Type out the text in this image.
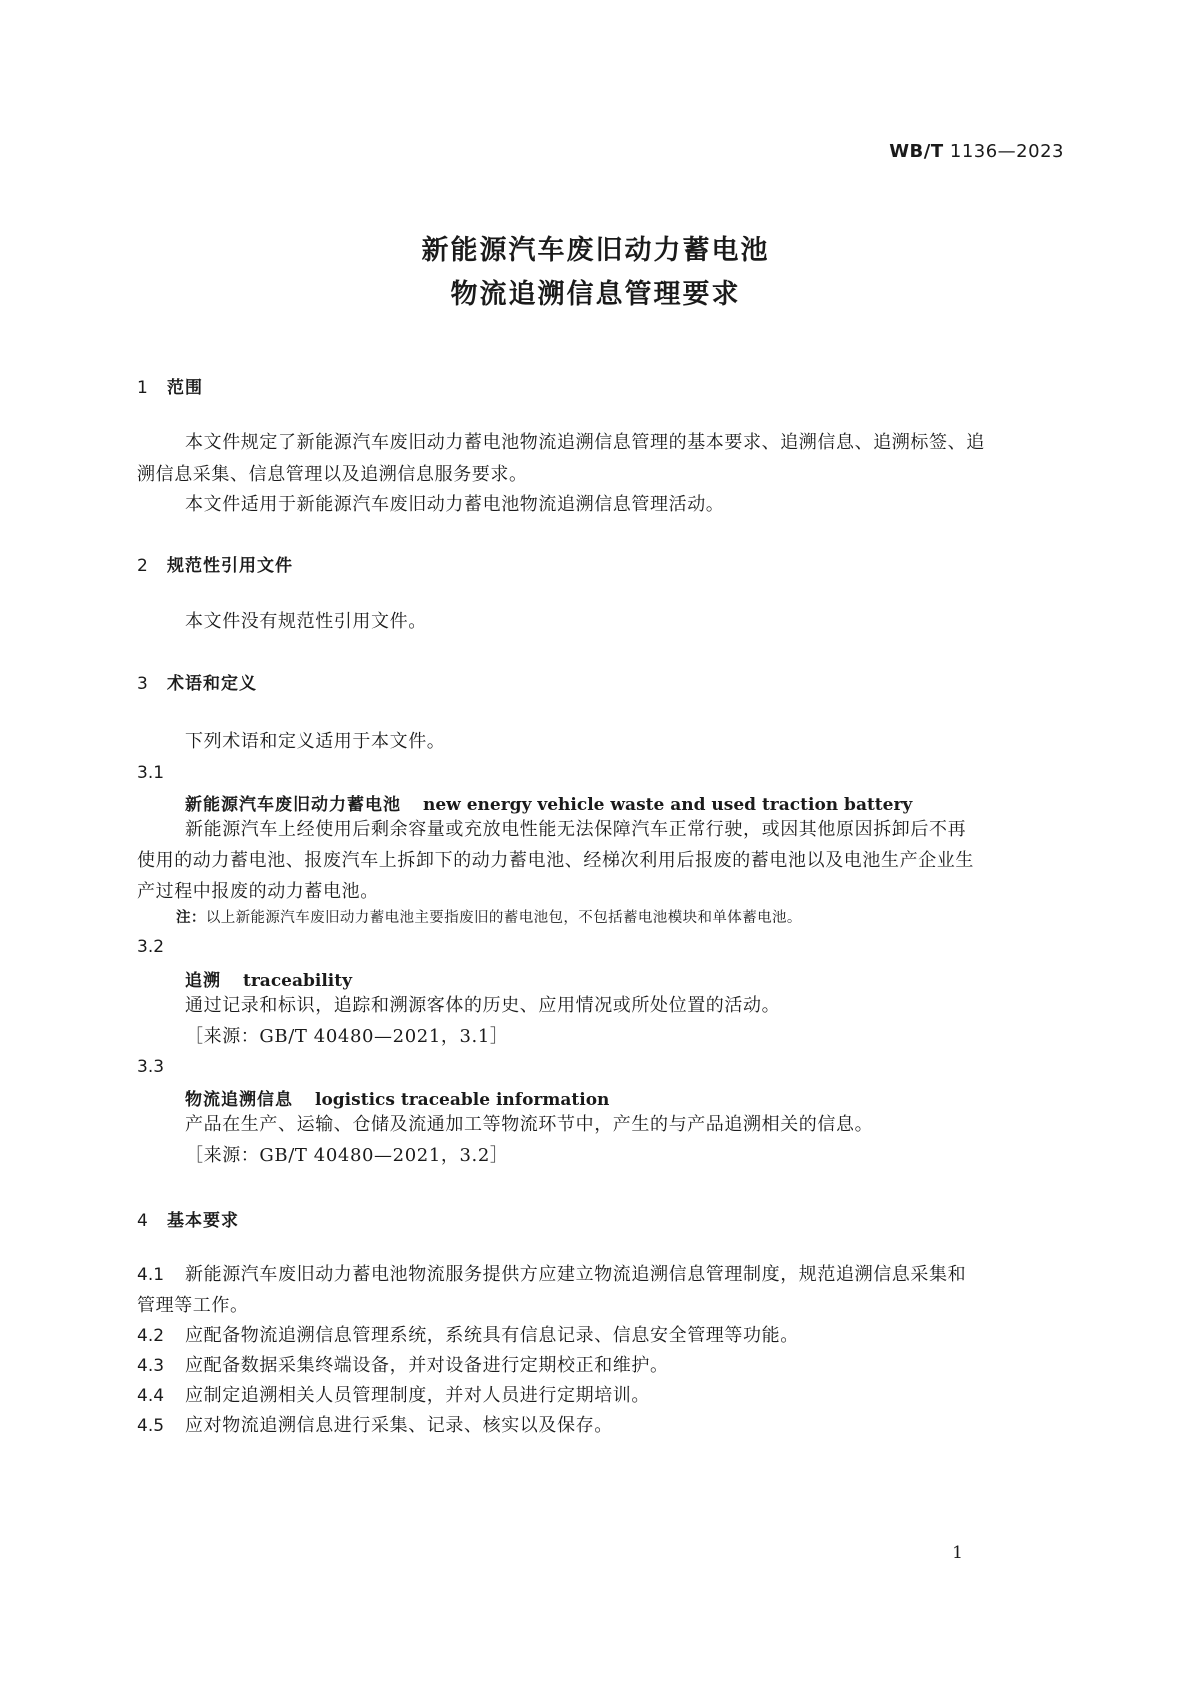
WB/T 1136—2023
新能源汽车废旧动力蓄电池
物流追溯信息管理要求
1 范围
本文件规定了新能源汽车废旧动力蓄电池物流追溯信息管理的基本要求、追溯信息、追溯标签、追
溯信息采集、信息管理以及追溯信息服务要求。
本文件适用于新能源汽车废旧动力蓄电池物流追溯信息管理活动。
2 规范性引用文件
本文件没有规范性引用文件。
3 术语和定义
下列术语和定义适用于本文件。
3.1
新能源汽车废旧动力蓄电池 new energy vehicle waste and used traction battery
新能源汽车上经使用后剩余容量或充放电性能无法保障汽车正常行驶，或因其他原因拆卸后不再
使用的动力蓄电池、报废汽车上拆卸下的动力蓄电池、经梯次利用后报废的蓄电池以及电池生产企业生
产过程中报废的动力蓄电池。
注：以上新能源汽车废旧动力蓄电池主要指废旧的蓄电池包，不包括蓄电池模块和单体蓄电池。
3.2
追溯 traceability
通过记录和标识，追踪和溯源客体的历史、应用情况或所处位置的活动。
［来源：GB/T 40480—2021，3.1］
3.3
物流追溯信息 logistics traceable information
产品在生产、运输、仓储及流通加工等物流环节中，产生的与产品追溯相关的信息。
［来源：GB/T 40480—2021，3.2］
4 基本要求
4.1 新能源汽车废旧动力蓄电池物流服务提供方应建立物流追溯信息管理制度，规范追溯信息采集和
管理等工作。
4.2 应配备物流追溯信息管理系统，系统具有信息记录、信息安全管理等功能。
4.3 应配备数据采集终端设备，并对设备进行定期校正和维护。
4.4 应制定追溯相关人员管理制度，并对人员进行定期培训。
4.5 应对物流追溯信息进行采集、记录、核实以及保存。
1
